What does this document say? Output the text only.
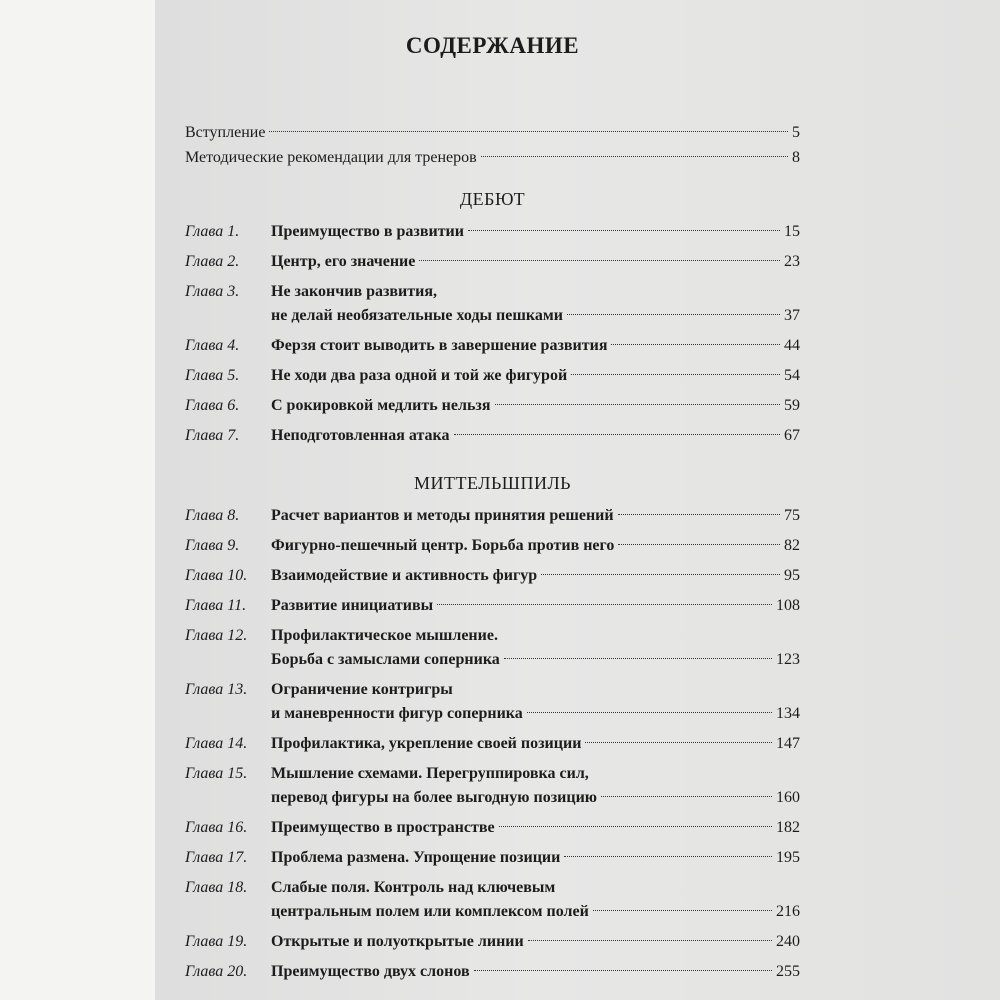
СОДЕРЖАНИЕ
Вступление	5
Методические рекомендации для тренеров	8
ДЕБЮТ
Глава 1.	Преимущество в развитии	15
Глава 2.	Центр, его значение	23
Глава 3.	Не закончив развития,
не делай необязательные ходы пешками	37
Глава 4.	Ферзя стоит выводить в завершение развития	44
Глава 5.	Не ходи два раза одной и той же фигурой	54
Глава 6.	С рокировкой медлить нельзя	59
Глава 7.	Неподготовленная атака	67
МИТТЕЛЬШПИЛЬ
Глава 8.	Расчет вариантов и методы принятия решений	75
Глава 9.	Фигурно-пешечный центр. Борьба против него	82
Глава 10.	Взаимодействие и активность фигур	95
Глава 11.	Развитие инициативы	108
Глава 12.	Профилактическое мышление.
Борьба с замыслами соперника	123
Глава 13.	Ограничение контригры
и маневренности фигур соперника	134
Глава 14.	Профилактика, укрепление своей позиции	147
Глава 15.	Мышление схемами. Перегруппировка сил,
перевод фигуры на более выгодную позицию	160
Глава 16.	Преимущество в пространстве	182
Глава 17.	Проблема размена. Упрощение позиции	195
Глава 18.	Слабые поля. Контроль над ключевым
центральным полем или комплексом полей	216
Глава 19.	Открытые и полуоткрытые линии	240
Глава 20.	Преимущество двух слонов	255
